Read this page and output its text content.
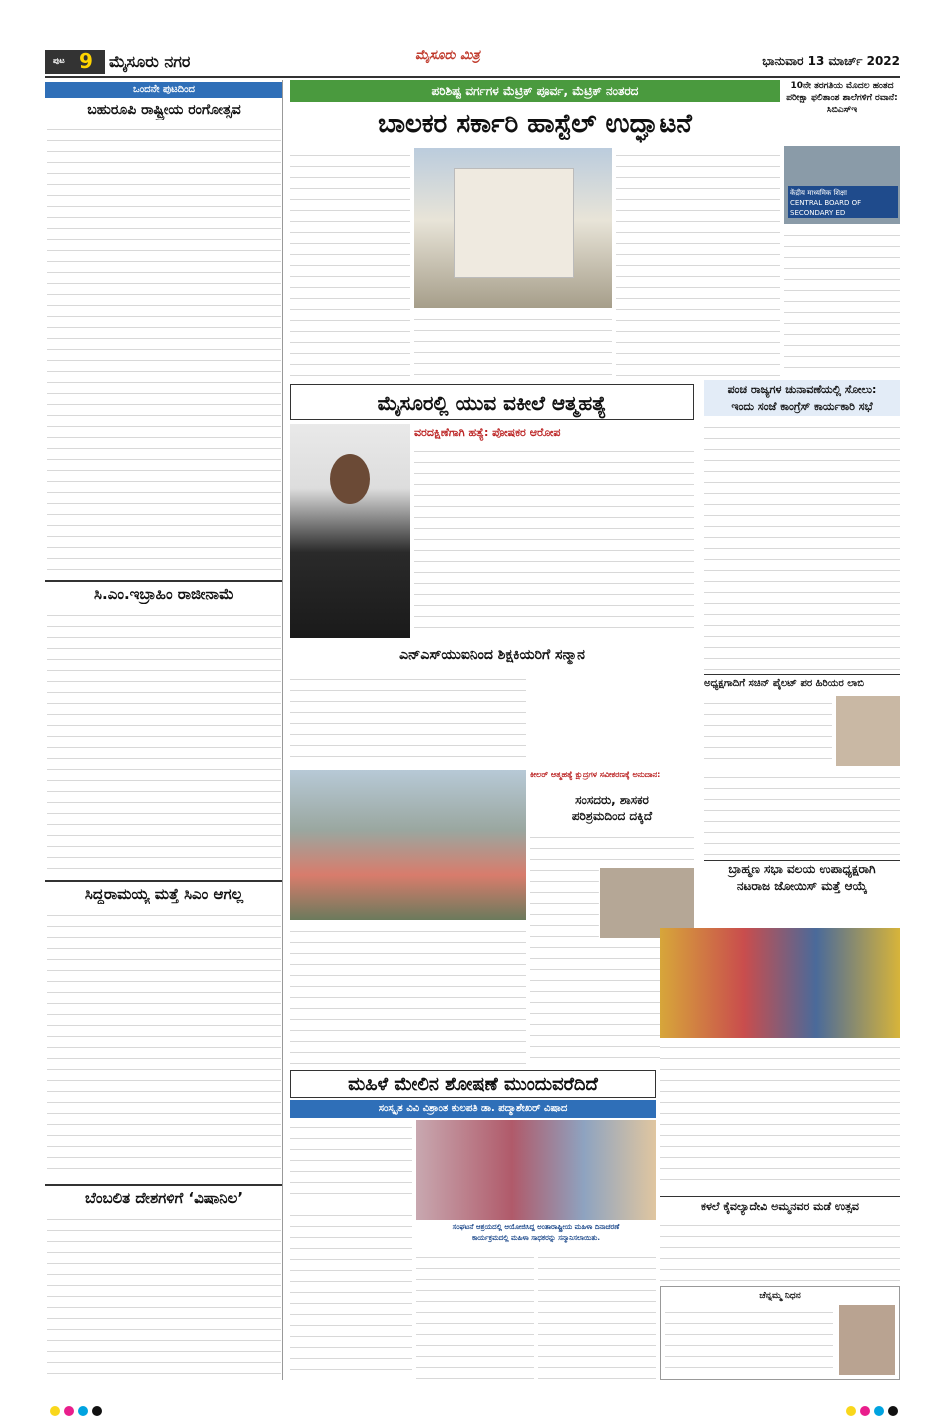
ಪುಟ 9 ಮೈಸೂರು ನಗರ	ಮೈಸೂರು ಮಿತ್ರ	ಭಾನುವಾರ 13 ಮಾರ್ಚ್ 2022
ಒಂದನೇ ಪುಟದಿಂದ
ಬಹುರೂಪಿ ರಾಷ್ಟ್ರೀಯ ರಂಗೋತ್ಸವ
ಸಿ.ಎಂ.ಇಬ್ರಾಹಿಂ ರಾಜೀನಾಮೆ
ಸಿದ್ದರಾಮಯ್ಯ ಮತ್ತೆ ಸಿಎಂ ಆಗಲ್ಲ
ಬೆಂಬಲಿತ ದೇಶಗಳಿಗೆ ‘ವಿಷಾನಿಲ’
ಪರಿಶಿಷ್ಟ ವರ್ಗಗಳ ಮೆಟ್ರಿಕ್ ಪೂರ್ವ, ಮೆಟ್ರಿಕ್ ನಂತರದ
ಬಾಲಕರ ಸರ್ಕಾರಿ ಹಾಸ್ಟೆಲ್ ಉದ್ಘಾಟನೆ
10ನೇ ತರಗತಿಯ ಮೊದಲ ಹಂತದ ಪರೀಕ್ಷಾ ಫಲಿತಾಂಶ ಶಾಲೆಗಳಿಗೆ ರವಾನೆ: ಸಿಬಿಎಸ್‌ಇ
केंद्रीय माध्यमिक शिक्षा
CENTRAL BOARD OF SECONDARY ED
ಮೈಸೂರಲ್ಲಿ ಯುವ ವಕೀಲೆ ಆತ್ಮಹತ್ಯೆ
ವರದಕ್ಷಿಣೆಗಾಗಿ ಹತ್ಯೆ: ಪೋಷಕರ ಆರೋಪ
ಪಂಚ ರಾಜ್ಯಗಳ ಚುನಾವಣೆಯಲ್ಲಿ ಸೋಲು:
ಇಂದು ಸಂಜೆ ಕಾಂಗ್ರೆಸ್ ಕಾರ್ಯಕಾರಿ ಸಭೆ
ಅಧ್ಯಕ್ಷಗಾದಿಗೆ ಸಚಿನ್ ಪೈಲಟ್ ಪರ ಹಿರಿಯರ ಲಾಬಿ
ಎನ್‌ಎಸ್‌ಯುಐನಿಂದ ಶಿಕ್ಷಕಿಯರಿಗೆ ಸನ್ಮಾನ
ಕೀಲರ್ ಆತ್ಮಹತ್ಯೆ ಕ್ಷುದ್ರಗಳ ಸವೀಕರಣಕ್ಕೆ ಅನುದಾನ:
ಸಂಸದರು, ಶಾಸಕರ
ಪರಿಶ್ರಮದಿಂದ ದಕ್ಕಿದೆ
ಬ್ರಾಹ್ಮಣ ಸಭಾ ವಲಯ ಉಪಾಧ್ಯಕ್ಷರಾಗಿ
ನಟರಾಜ ಜೋಯಿಸ್ ಮತ್ತೆ ಆಯ್ಕೆ
ಮಹಿಳೆ ಮೇಲಿನ ಶೋಷಣೆ ಮುಂದುವರೆದಿದೆ
ಸಂಸ್ಕೃತ ವಿವಿ ವಿಶ್ರಾಂತ ಕುಲಪತಿ ಡಾ. ಪದ್ಮಾಶೇಖರ್ ವಿಷಾದ
ಸಂಘಟನೆ ಆಶ್ರಯದಲ್ಲಿ ಆಯೋಜಿಸಿದ್ದ ಅಂತಾರಾಷ್ಟ್ರೀಯ ಮಹಿಳಾ ದಿನಾಚರಣೆ
ಕಾರ್ಯಕ್ರಮದಲ್ಲಿ ಮಹಿಳಾ ಸಾಧಕರನ್ನು ಸನ್ಮಾನಿಸಲಾಯಿತು.
ಕಳಲೆ ಕೈವಲ್ಯಾದೇವಿ ಅಮ್ಮನವರ ಮಡೆ ಉತ್ಸವ
ಚೆನ್ನಮ್ಮ ನಿಧನ
